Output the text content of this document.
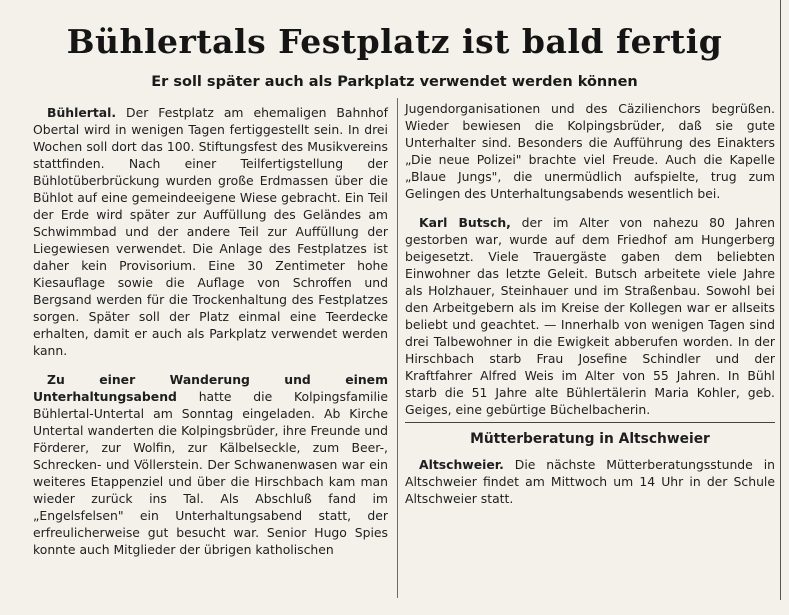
Bühlertals Festplatz ist bald fertig
Er soll später auch als Parkplatz verwendet werden können

Bühlertal. Der Festplatz am ehemaligen Bahnhof Obertal wird in wenigen Tagen fertiggestellt sein. In drei Wochen soll dort das 100. Stiftungsfest des Musikvereins stattfinden. Nach einer Teilfertigstellung der Bühlotüberbrückung wurden große Erdmassen über die Bühlot auf eine gemeindeeigene Wiese gebracht. Ein Teil der Erde wird später zur Auffüllung des Geländes am Schwimmbad und der andere Teil zur Auffüllung der Liegewiesen verwendet. Die Anlage des Festplatzes ist daher kein Provisorium. Eine 30 Zentimeter hohe Kiesauflage sowie die Auflage von Schroffen und Bergsand werden für die Trockenhaltung des Festplatzes sorgen. Später soll der Platz einmal eine Teerdecke erhalten, damit er auch als Parkplatz verwendet werden kann.

Zu einer Wanderung und einem Unterhaltungsabend hatte die Kolpingsfamilie Bühlertal-Untertal am Sonntag eingeladen. Ab Kirche Untertal wanderten die Kolpingsbrüder, ihre Freunde und Förderer, zur Wolfin, zur Kälbelseckle, zum Beer-, Schrecken- und Völlerstein. Der Schwanenwasen war ein weiteres Etappenziel und über die Hirschbach kam man wieder zurück ins Tal. Als Abschluß fand im „Engelsfelsen" ein Unterhaltungsabend statt, der erfreulicherweise gut besucht war. Senior Hugo Spies konnte auch Mitglieder der übrigen katholischen

Jugendorganisationen und des Cäzilienchors begrüßen. Wieder bewiesen die Kolpingsbrüder, daß sie gute Unterhalter sind. Besonders die Aufführung des Einakters „Die neue Polizei" brachte viel Freude. Auch die Kapelle „Blaue Jungs", die unermüdlich aufspielte, trug zum Gelingen des Unterhaltungsabends wesentlich bei.

Karl Butsch, der im Alter von nahezu 80 Jahren gestorben war, wurde auf dem Friedhof am Hungerberg beigesetzt. Viele Trauergäste gaben dem beliebten Einwohner das letzte Geleit. Butsch arbeitete viele Jahre als Holzhauer, Steinhauer und im Straßenbau. Sowohl bei den Arbeitgebern als im Kreise der Kollegen war er allseits beliebt und geachtet. — Innerhalb von wenigen Tagen sind drei Talbewohner in die Ewigkeit abberufen worden. In der Hirschbach starb Frau Josefine Schindler und der Kraftfahrer Alfred Weis im Alter von 55 Jahren. In Bühl starb die 51 Jahre alte Bühlertälerin Maria Kohler, geb. Geiges, eine gebürtige Büchelbacherin.

Mütterberatung in Altschweier

Altschweier. Die nächste Mütterberatungsstunde in Altschweier findet am Mittwoch um 14 Uhr in der Schule Altschweier statt.
